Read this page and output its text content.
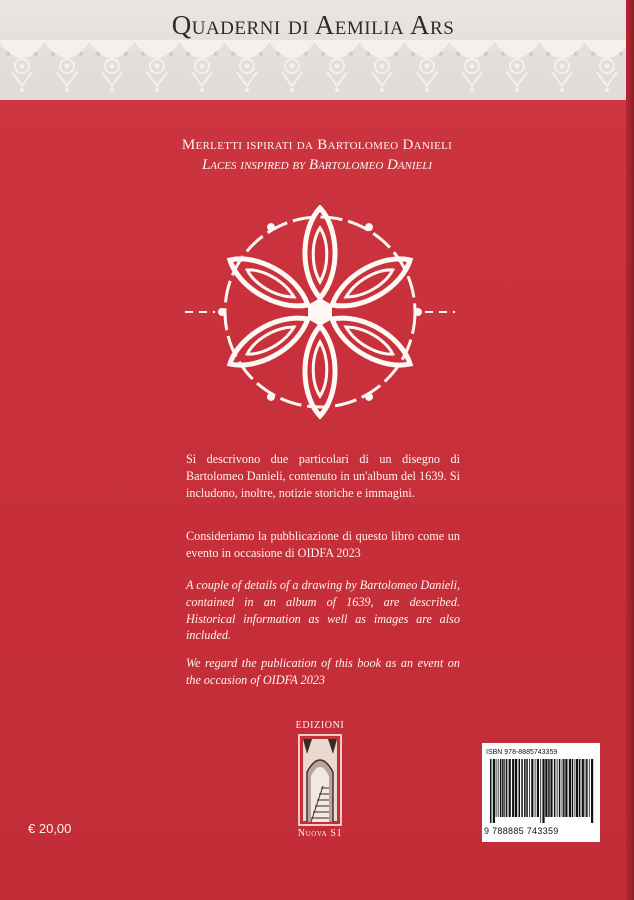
Quaderni di Aemilia Ars
Merletti ispirati da Bartolomeo Danieli
Laces inspired by Bartolomeo Danieli
Si descrivono due particolari di un disegno di Bartolomeo Danieli, contenuto in un'album del 1639. Si includono, inoltre, notizie storiche e immagini.
Consideriamo la pubblicazione di questo libro come un evento in occasione di OIDFA 2023
A couple of details of a drawing by Bartolomeo Danieli, contained in an album of 1639, are described. Historical information as well as images are also included.
We regard the publication of this book as an event on the occasion of OIDFA 2023
EDIZIONI
Nuova S1
€ 20,00
ISBN 978-8885743359
9 788885 743359
